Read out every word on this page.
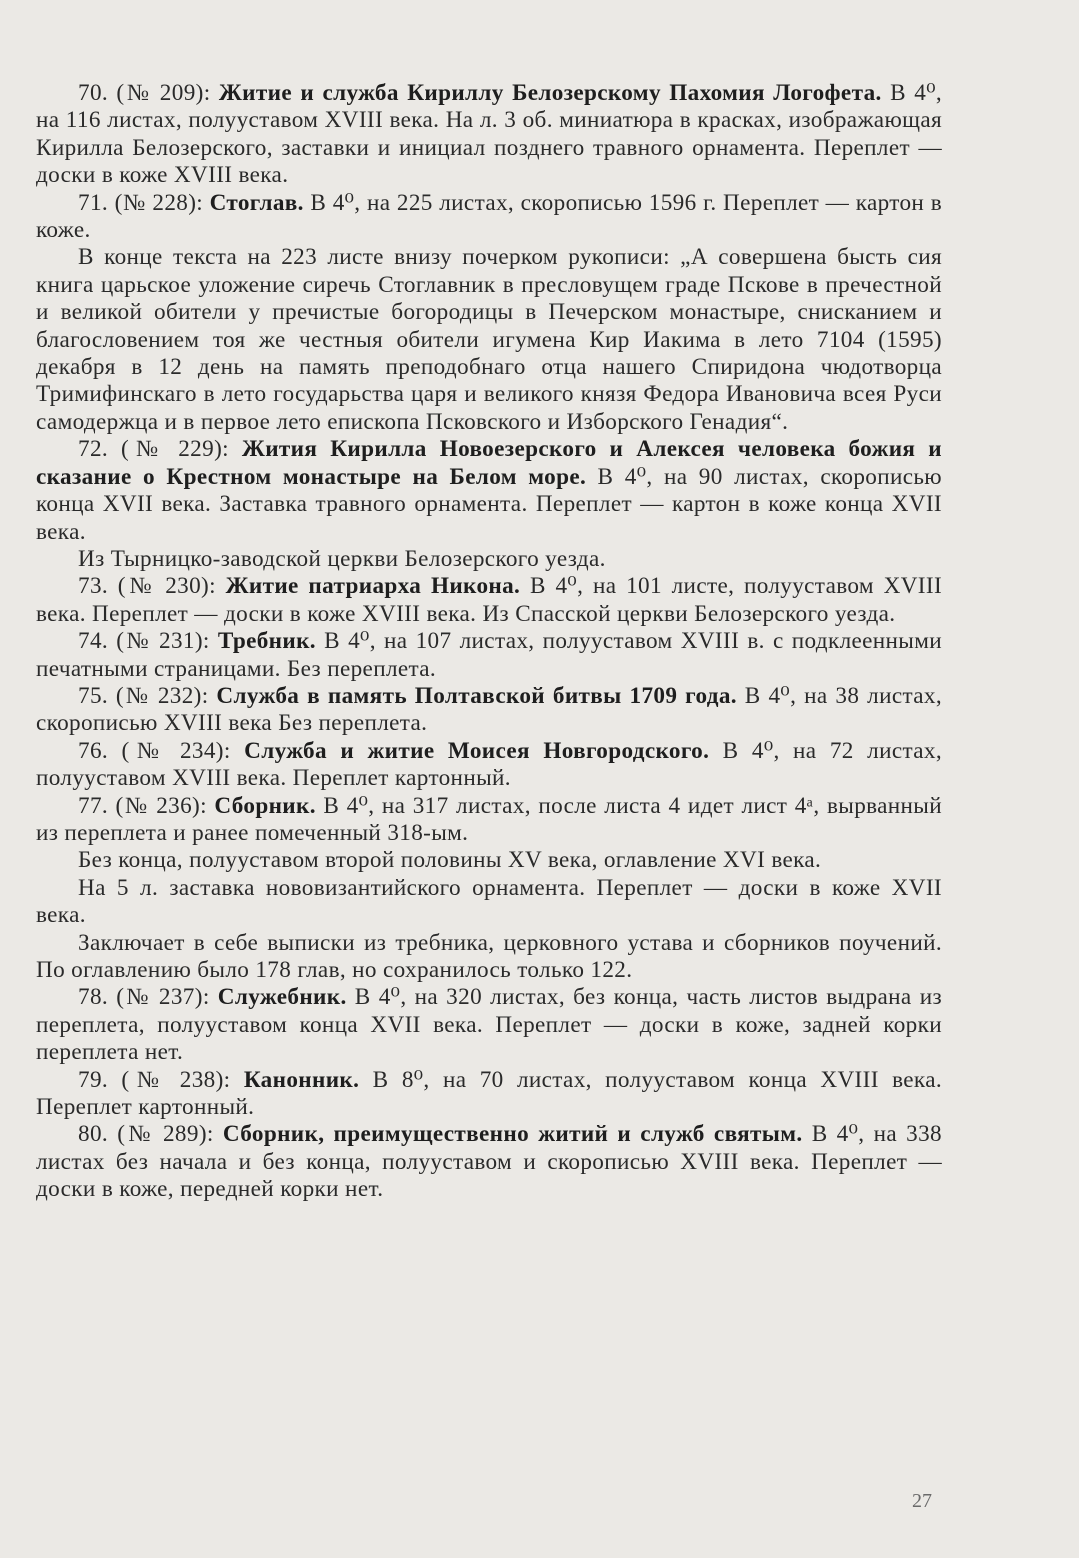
70. (№ 209): Житие и служба Кириллу Белозерскому Пахомия Логофета. В 4⁰, на 116 листах, полууставом XVIII века. На л. 3 об. миниатюра в красках, изображающая Кирилла Белозерского, заставки и инициал позднего травного орнамента. Переплет — доски в коже XVIII века.

71. (№ 228): Стоглав. В 4⁰, на 225 листах, скорописью 1596 г. Переплет — картон в коже.

В конце текста на 223 листе внизу почерком рукописи: „А совершена бысть сия книга царьское уложение сиречь Стоглавник в пресловущем граде Пскове в пречестной и великой обители у пречистые богородицы в Печерском монастыре, снисканием и благословением тоя же честныя обители игумена Кир Иакима в лето 7104 (1595) декабря в 12 день на память преподобнаго отца нашего Спиридона чюдотворца Тримифинскаго в лето государьства царя и великого князя Федора Ивановича всея Руси самодержца и в первое лето епископа Псковского и Изборского Генадия“.

72. (№ 229): Жития Кирилла Новоезерского и Алексея человека божия и сказание о Крестном монастыре на Белом море. В 4⁰, на 90 листах, скорописью конца XVII века. Заставка травного орнамента. Переплет — картон в коже конца XVII века.

Из Тырницко-заводской церкви Белозерского уезда.

73. (№ 230): Житие патриарха Никона. В 4⁰, на 101 листе, полууставом XVIII века. Переплет — доски в коже XVIII века. Из Спасской церкви Белозерского уезда.

74. (№ 231): Требник. В 4⁰, на 107 листах, полууставом XVIII в. с подклеенными печатными страницами. Без переплета.

75. (№ 232): Служба в память Полтавской битвы 1709 года. В 4⁰, на 38 листах, скорописью XVIII века Без переплета.

76. (№ 234): Служба и житие Моисея Новгородского. В 4⁰, на 72 листах, полууставом XVIII века. Переплет картонный.

77. (№ 236): Сборник. В 4⁰, на 317 листах, после листа 4 идет лист 4ᵃ, вырванный из переплета и ранее помеченный 318-ым.

Без конца, полууставом второй половины XV века, оглавление XVI века.

На 5 л. заставка нововизантийского орнамента. Переплет — доски в коже XVII века.

Заключает в себе выписки из требника, церковного устава и сборников поучений. По оглавлению было 178 глав, но сохранилось только 122.

78. (№ 237): Служебник. В 4⁰, на 320 листах, без конца, часть листов выдрана из переплета, полууставом конца XVII века. Переплет — доски в коже, задней корки переплета нет.

79. (№ 238): Канонник. В 8⁰, на 70 листах, полууставом конца XVIII века. Переплет картонный.

80. (№ 289): Сборник, преимущественно житий и служб святым. В 4⁰, на 338 листах без начала и без конца, полууставом и скорописью XVIII века. Переплет — доски в коже, передней корки нет.

27
